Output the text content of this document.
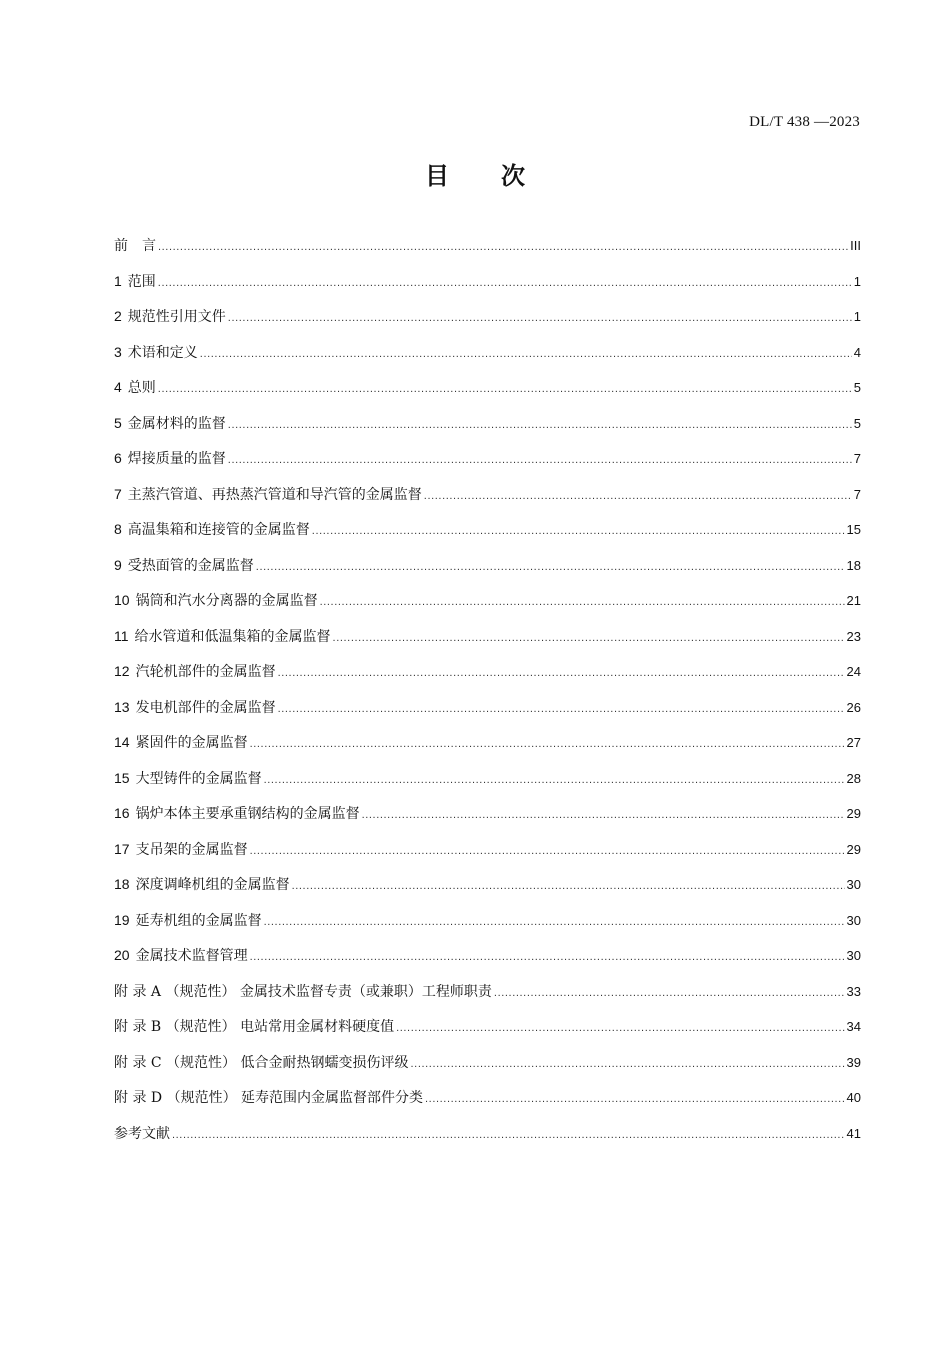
DL/T 438 —2023
目 次
前　言 .....	III
1 范围 .....	1
2 规范性引用文件 .....	1
3 术语和定义 .....	4
4 总则 .....	5
5 金属材料的监督 .....	5
6 焊接质量的监督 .....	7
7 主蒸汽管道、再热蒸汽管道和导汽管的金属监督 .....	7
8 高温集箱和连接管的金属监督 .....	15
9 受热面管的金属监督 .....	18
10 锅筒和汽水分离器的金属监督 .....	21
11 给水管道和低温集箱的金属监督 .....	23
12 汽轮机部件的金属监督 .....	24
13 发电机部件的金属监督 .....	26
14 紧固件的金属监督 .....	27
15 大型铸件的金属监督 .....	28
16 锅炉本体主要承重钢结构的金属监督 .....	29
17 支吊架的金属监督 .....	29
18 深度调峰机组的金属监督 .....	30
19 延寿机组的金属监督 .....	30
20 金属技术监督管理 .....	30
附 录 A （规范性） 金属技术监督专责（或兼职）工程师职责 .....	33
附 录 B （规范性） 电站常用金属材料硬度值 .....	34
附 录 C （规范性） 低合金耐热钢蠕变损伤评级 .....	39
附 录 D （规范性） 延寿范围内金属监督部件分类 .....	40
参考文献 .....	41
